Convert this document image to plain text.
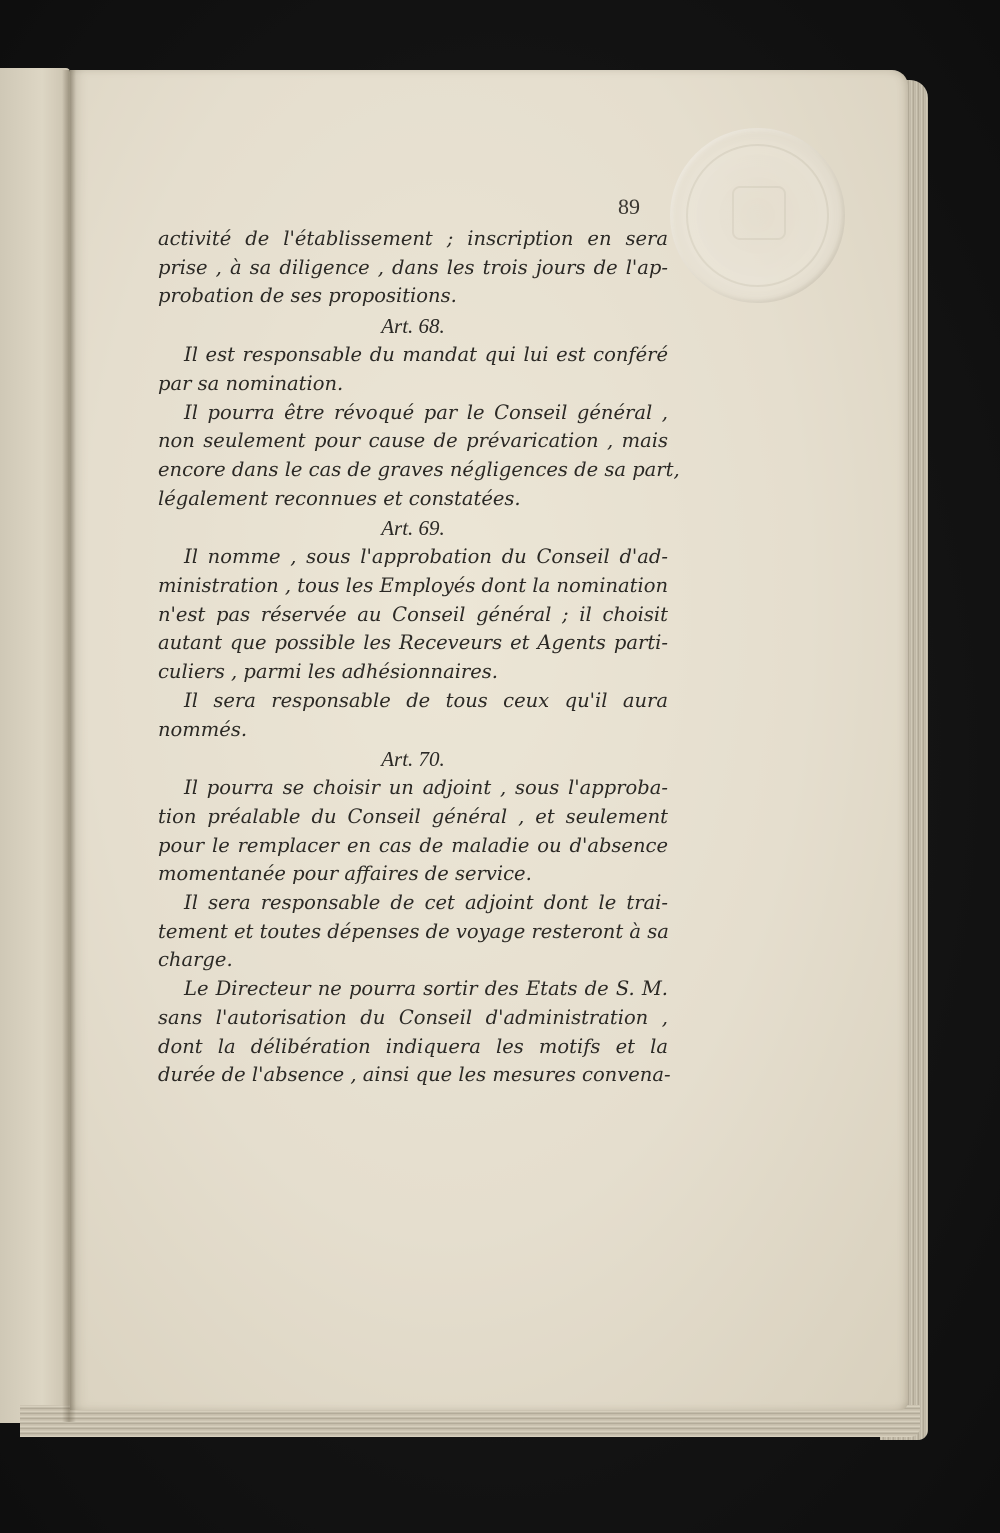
89
activité de l'établissement ; inscription en sera
prise , à sa diligence , dans les trois jours de l'ap-
probation de ses propositions.
Art. 68.
Il est responsable du mandat qui lui est conféré
par sa nomination.
Il pourra être révoqué par le Conseil général ,
non seulement pour cause de prévarication , mais
encore dans le cas de graves négligences de sa part,
légalement reconnues et constatées.
Art. 69.
Il nomme , sous l'approbation du Conseil d'ad-
ministration , tous les Employés dont la nomination
n'est pas réservée au Conseil général ; il choisit
autant que possible les Receveurs et Agents parti-
culiers , parmi les adhésionnaires.
Il sera responsable de tous ceux qu'il aura
nommés.
Art. 70.
Il pourra se choisir un adjoint , sous l'approba-
tion préalable du Conseil général , et seulement
pour le remplacer en cas de maladie ou d'absence
momentanée pour affaires de service.
Il sera responsable de cet adjoint dont le trai-
tement et toutes dépenses de voyage resteront à sa
charge.
Le Directeur ne pourra sortir des Etats de S. M.
sans l'autorisation du Conseil d'administration ,
dont la délibération indiquera les motifs et la
durée de l'absence , ainsi que les mesures convena-
